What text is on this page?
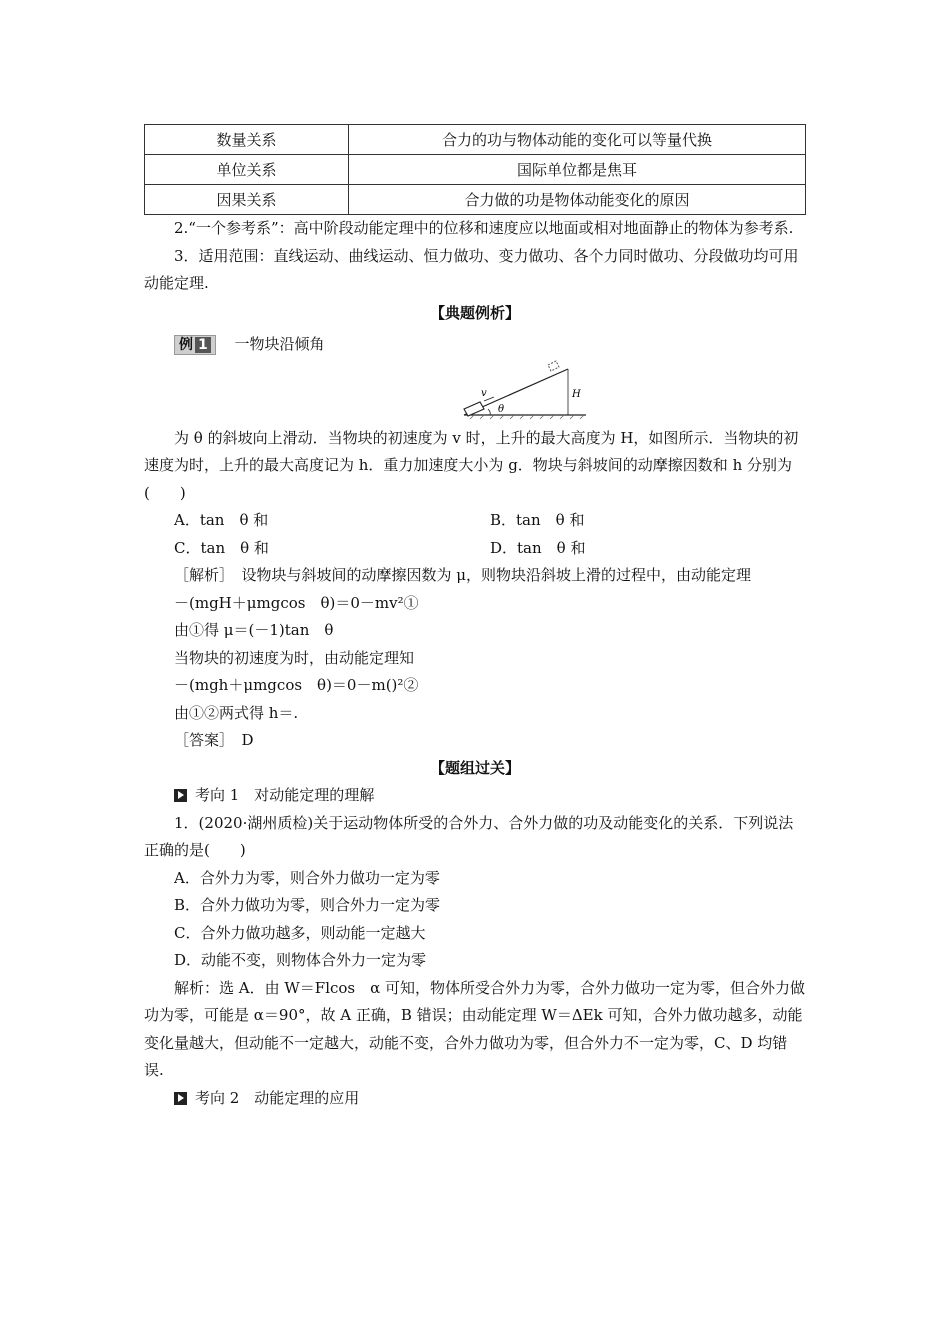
数量关系	合力的功与物体动能的变化可以等量代换
单位关系	国际单位都是焦耳
因果关系	合力做的功是物体动能变化的原因

2.“一个参考系”：高中阶段动能定理中的位移和速度应以地面或相对地面静止的物体为参考系.

3．适用范围：直线运动、曲线运动、恒力做功、变力做功、各个力同时做功、分段做功均可用动能定理.

【典题例析】

例 1 一物块沿倾角

v
θ
H

为 θ 的斜坡向上滑动．当物块的初速度为 v 时，上升的最大高度为 H，如图所示．当物块的初速度为时，上升的最大高度记为 h．重力加速度大小为 g．物块与斜坡间的动摩擦因数和 h 分别为(　　)

A．tan　θ 和	B．tan　θ 和
C．tan　θ 和	D．tan　θ 和

［解析］　设物块与斜坡间的动摩擦因数为 μ，则物块沿斜坡上滑的过程中，由动能定理

－(mgH＋μmgcos　θ)＝0－mv²①

由①得 μ＝(－1)tan　θ

当物块的初速度为时，由动能定理知

－(mgh＋μmgcos　θ)＝0－m()²②

由①②两式得 h＝.

［答案］　D

【题组过关】

考向 1　对动能定理的理解

1．(2020·湖州质检)关于运动物体所受的合外力、合外力做的功及动能变化的关系．下列说法正确的是(　　)

A．合外力为零，则合外力做功一定为零

B．合外力做功为零，则合外力一定为零

C．合外力做功越多，则动能一定越大

D．动能不变，则物体合外力一定为零

解析：选 A．由 W＝Flcos　α 可知，物体所受合外力为零，合外力做功一定为零，但合外力做功为零，可能是 α＝90°，故 A 正确，B 错误；由动能定理 W＝ΔEk 可知，合外力做功越多，动能变化量越大，但动能不一定越大，动能不变，合外力做功为零，但合外力不一定为零，C、D 均错误.

考向 2　动能定理的应用
